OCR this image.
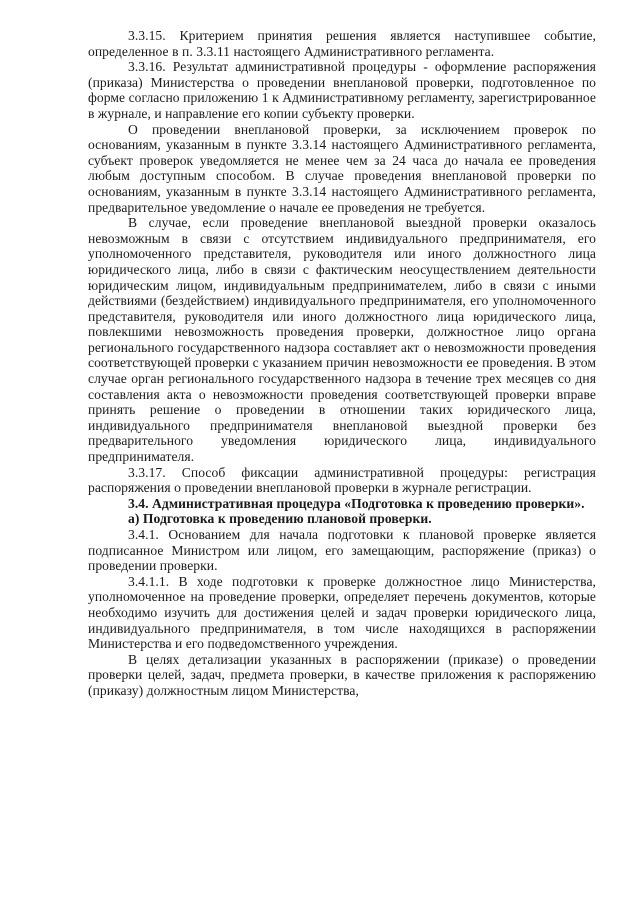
3.3.15. Критерием принятия решения является наступившее событие, определенное в п. 3.3.11 настоящего Административного регламента.

3.3.16. Результат административной процедуры - оформление распоряжения (приказа) Министерства о проведении внеплановой проверки, подготовленное по форме согласно приложению 1 к Административному регламенту, зарегистрированное в журнале, и направление его копии субъекту проверки.

О проведении внеплановой проверки, за исключением проверок по основаниям, указанным в пункте 3.3.14 настоящего Административного регламента, субъект проверок уведомляется не менее чем за 24 часа до начала ее проведения любым доступным способом. В случае проведения внеплановой проверки по основаниям, указанным в пункте 3.3.14 настоящего Административного регламента, предварительное уведомление о начале ее проведения не требуется.

В случае, если проведение внеплановой выездной проверки оказалось невозможным в связи с отсутствием индивидуального предпринимателя, его уполномоченного представителя, руководителя или иного должностного лица юридического лица, либо в связи с фактическим неосуществлением деятельности юридическим лицом, индивидуальным предпринимателем, либо в связи с иными действиями (бездействием) индивидуального предпринимателя, его уполномоченного представителя, руководителя или иного должностного лица юридического лица, повлекшими невозможность проведения проверки, должностное лицо органа регионального государственного надзора составляет акт о невозможности проведения соответствующей проверки с указанием причин невозможности ее проведения. В этом случае орган регионального государственного надзора в течение трех месяцев со дня составления акта о невозможности проведения соответствующей проверки вправе принять решение о проведении в отношении таких юридического лица, индивидуального предпринимателя внеплановой выездной проверки без предварительного уведомления юридического лица, индивидуального предпринимателя.

3.3.17. Способ фиксации административной процедуры: регистрация распоряжения о проведении внеплановой проверки в журнале регистрации.

3.4. Административная процедура «Подготовка к проведению проверки».

а) Подготовка к проведению плановой проверки.

3.4.1. Основанием для начала подготовки к плановой проверке является подписанное Министром или лицом, его замещающим, распоряжение (приказ) о проведении проверки.

3.4.1.1. В ходе подготовки к проверке должностное лицо Министерства, уполномоченное на проведение проверки, определяет перечень документов, которые необходимо изучить для достижения целей и задач проверки юридического лица, индивидуального предпринимателя, в том числе находящихся в распоряжении Министерства и его подведомственного учреждения.

В целях детализации указанных в распоряжении (приказе) о проведении проверки целей, задач, предмета проверки, в качестве приложения к распоряжению (приказу) должностным лицом Министерства,
